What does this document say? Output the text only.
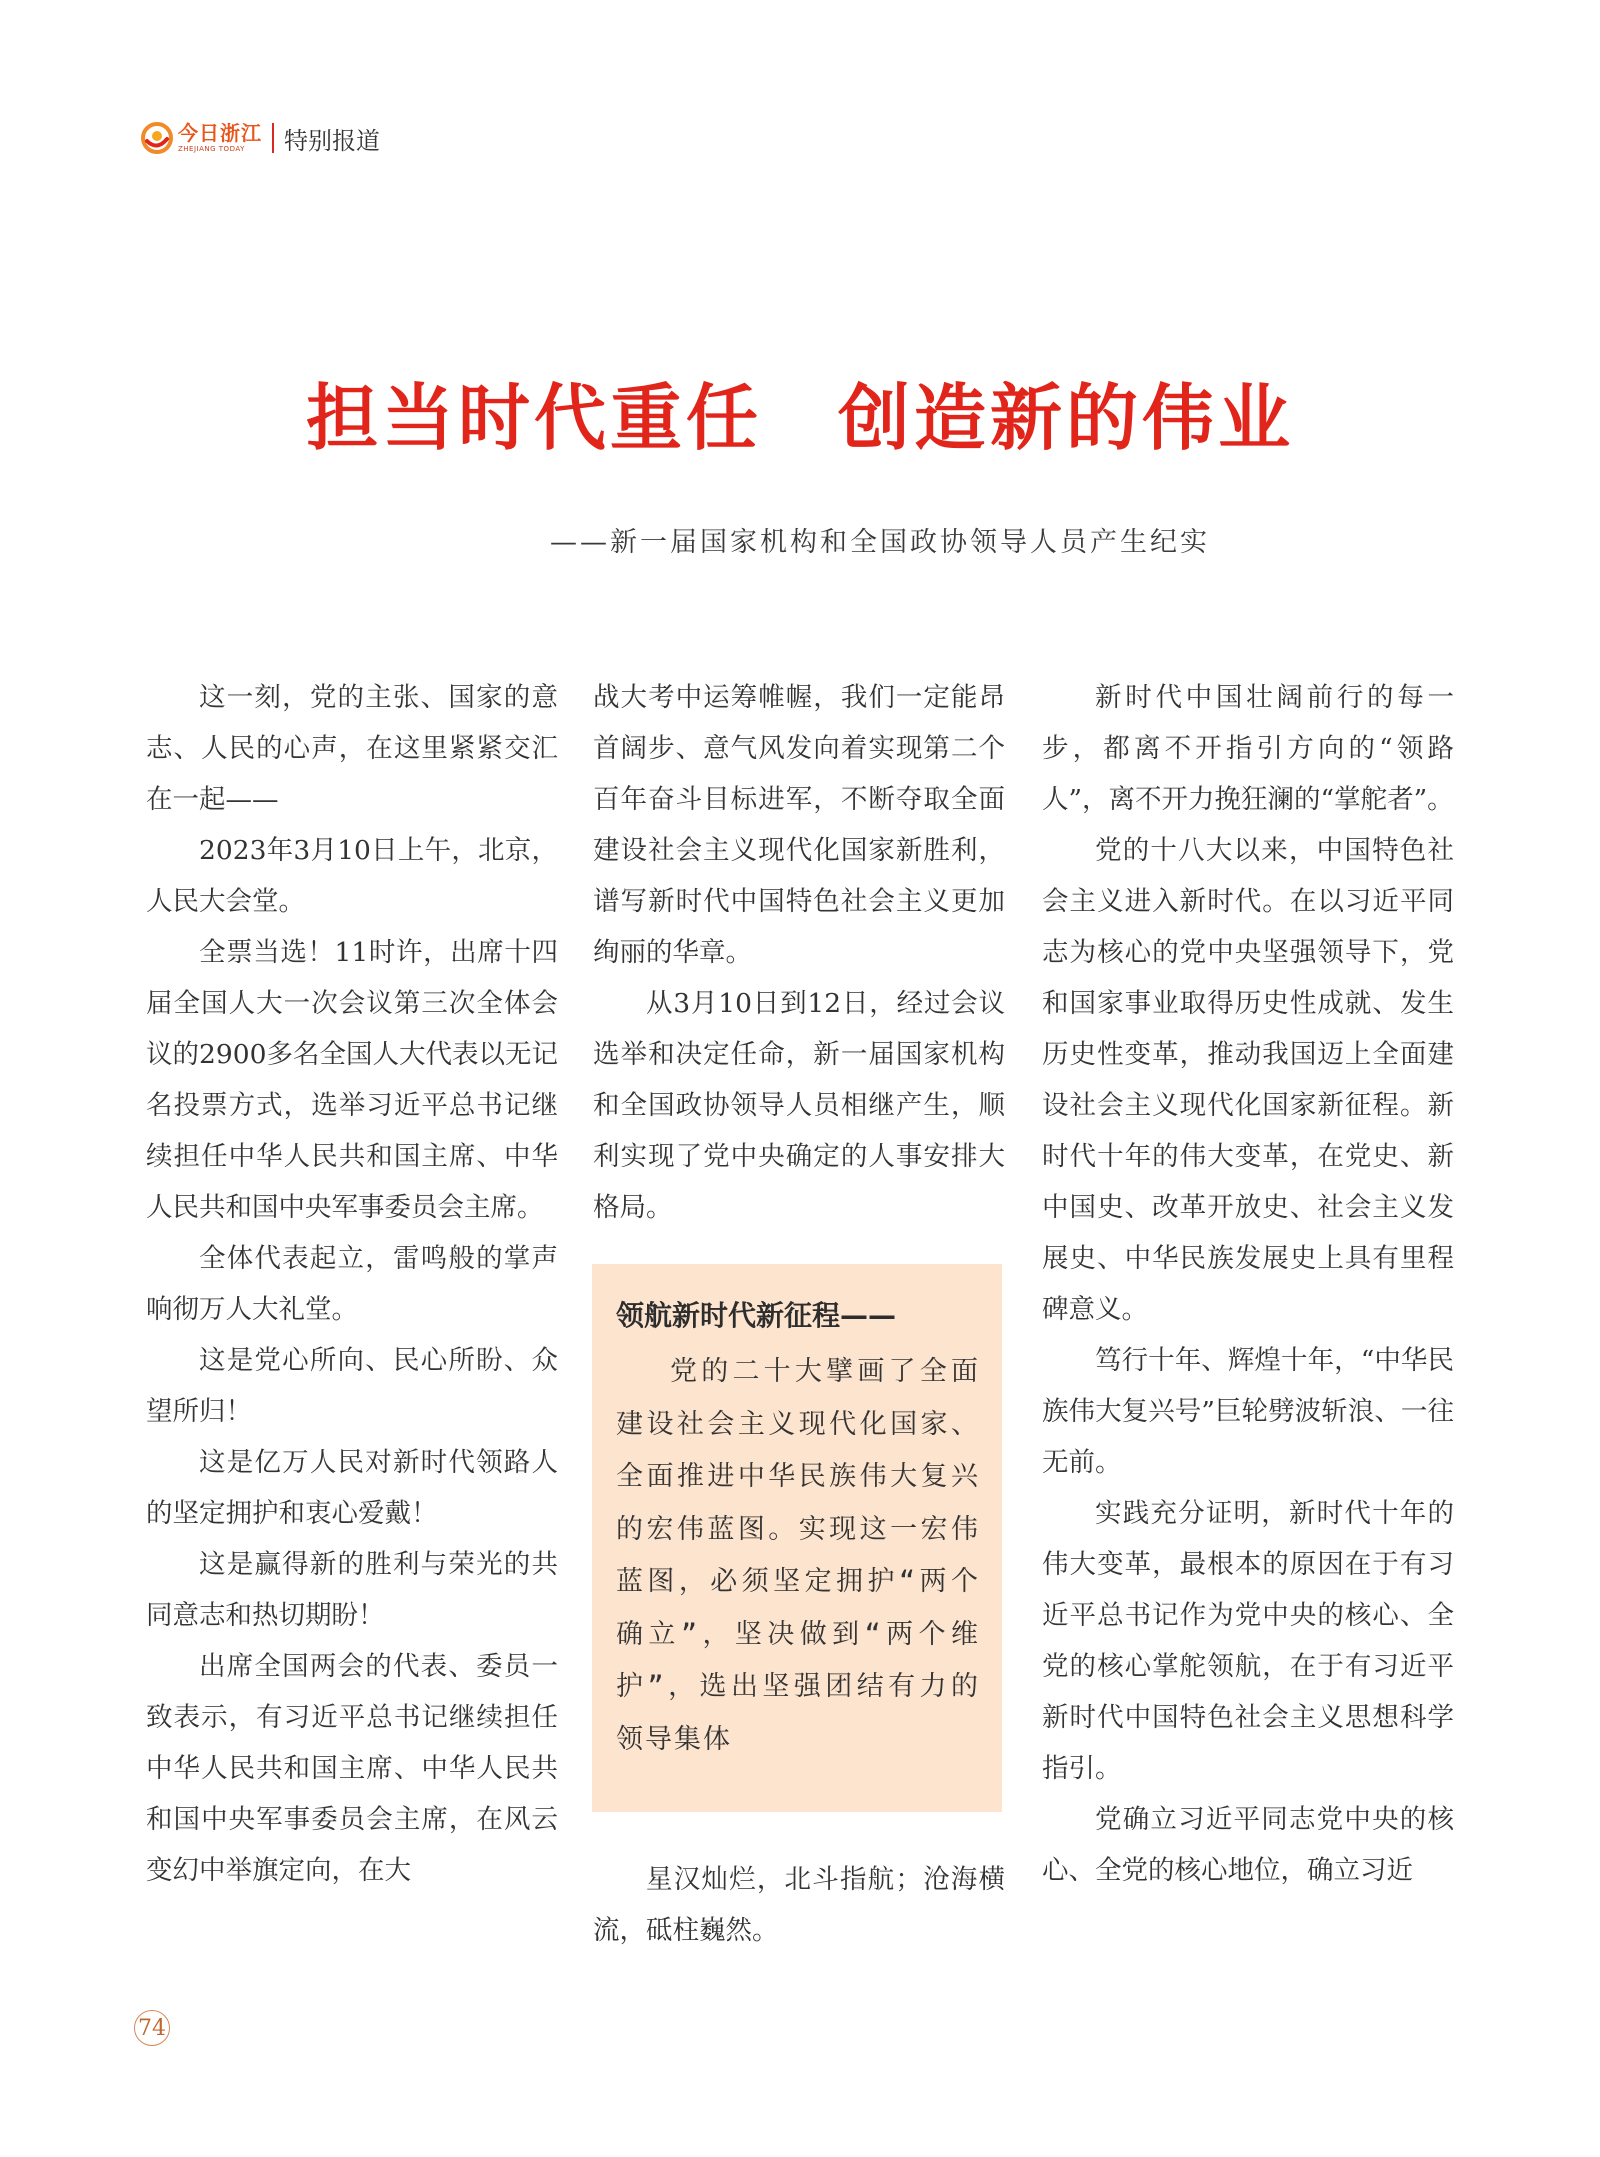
今日浙江
ZHEJIANG TODAY	特别报道
担当时代重任　创造新的伟业
——新一届国家机构和全国政协领导人员产生纪实

这一刻，党的主张、国家的意志、人民的心声，在这里紧紧交汇在一起——

2023年3月10日上午，北京，人民大会堂。

全票当选！11时许，出席十四届全国人大一次会议第三次全体会议的2900多名全国人大代表以无记名投票方式，选举习近平总书记继续担任中华人民共和国主席、中华人民共和国中央军事委员会主席。

全体代表起立，雷鸣般的掌声响彻万人大礼堂。

这是党心所向、民心所盼、众望所归！

这是亿万人民对新时代领路人的坚定拥护和衷心爱戴！

这是赢得新的胜利与荣光的共同意志和热切期盼！

出席全国两会的代表、委员一致表示，有习近平总书记继续担任中华人民共和国主席、中华人民共和国中央军事委员会主席，在风云变幻中举旗定向，在大

战大考中运筹帷幄，我们一定能昂首阔步、意气风发向着实现第二个百年奋斗目标进军，不断夺取全面建设社会主义现代化国家新胜利，谱写新时代中国特色社会主义更加绚丽的华章。

从3月10日到12日，经过会议选举和决定任命，新一届国家机构和全国政协领导人员相继产生，顺利实现了党中央确定的人事安排大格局。

领航新时代新征程——

党的二十大擘画了全面建设社会主义现代化国家、全面推进中华民族伟大复兴的宏伟蓝图。实现这一宏伟蓝图，必须坚定拥护“两个确立”，坚决做到“两个维护”，选出坚强团结有力的领导集体

星汉灿烂，北斗指航；沧海横流，砥柱巍然。

新时代中国壮阔前行的每一步，都离不开指引方向的“领路人”，离不开力挽狂澜的“掌舵者”。

党的十八大以来，中国特色社会主义进入新时代。在以习近平同志为核心的党中央坚强领导下，党和国家事业取得历史性成就、发生历史性变革，推动我国迈上全面建设社会主义现代化国家新征程。新时代十年的伟大变革，在党史、新中国史、改革开放史、社会主义发展史、中华民族发展史上具有里程碑意义。

笃行十年、辉煌十年，“中华民族伟大复兴号”巨轮劈波斩浪、一往无前。

实践充分证明，新时代十年的伟大变革，最根本的原因在于有习近平总书记作为党中央的核心、全党的核心掌舵领航，在于有习近平新时代中国特色社会主义思想科学指引。

党确立习近平同志党中央的核心、全党的核心地位，确立习近

74
